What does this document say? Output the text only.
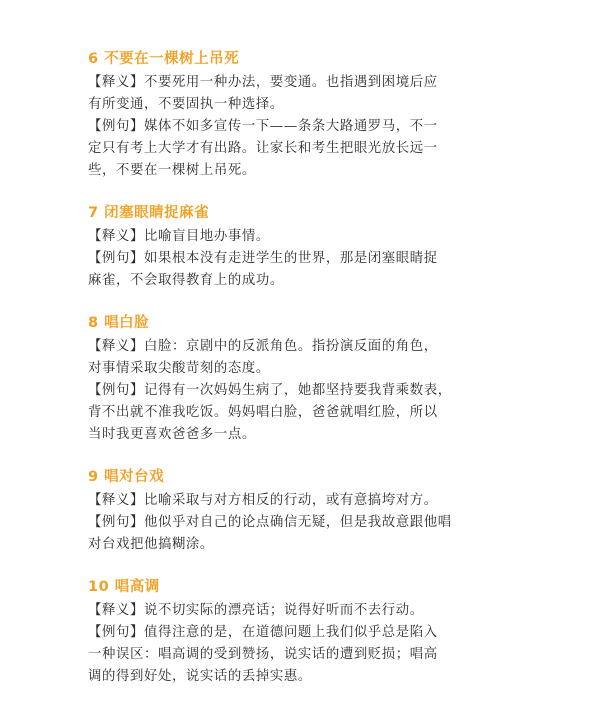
6 不要在一棵树上吊死
【释义】不要死用一种办法，要变通。也指遇到困境后应
有所变通，不要固执一种选择。
【例句】媒体不如多宣传一下——条条大路通罗马，不一
定只有考上大学才有出路。让家长和考生把眼光放长远一
些，不要在一棵树上吊死。
7 闭塞眼睛捉麻雀
【释义】比喻盲目地办事情。
【例句】如果根本没有走进学生的世界，那是闭塞眼睛捉
麻雀，不会取得教育上的成功。
8 唱白脸
【释义】白脸：京剧中的反派角色。指扮演反面的角色，
对事情采取尖酸苛刻的态度。
【例句】记得有一次妈妈生病了，她都坚持要我背乘数表，
背不出就不准我吃饭。妈妈唱白脸，爸爸就唱红脸，所以
当时我更喜欢爸爸多一点。
9 唱对台戏
【释义】比喻采取与对方相反的行动，或有意搞垮对方。
【例句】他似乎对自己的论点确信无疑，但是我故意跟他唱
对台戏把他搞糊涂。
10 唱高调
【释义】说不切实际的漂亮话；说得好听而不去行动。
【例句】值得注意的是，在道德问题上我们似乎总是陷入
一种误区：唱高调的受到赞扬，说实话的遭到贬损；唱高
调的得到好处，说实话的丢掉实惠。
